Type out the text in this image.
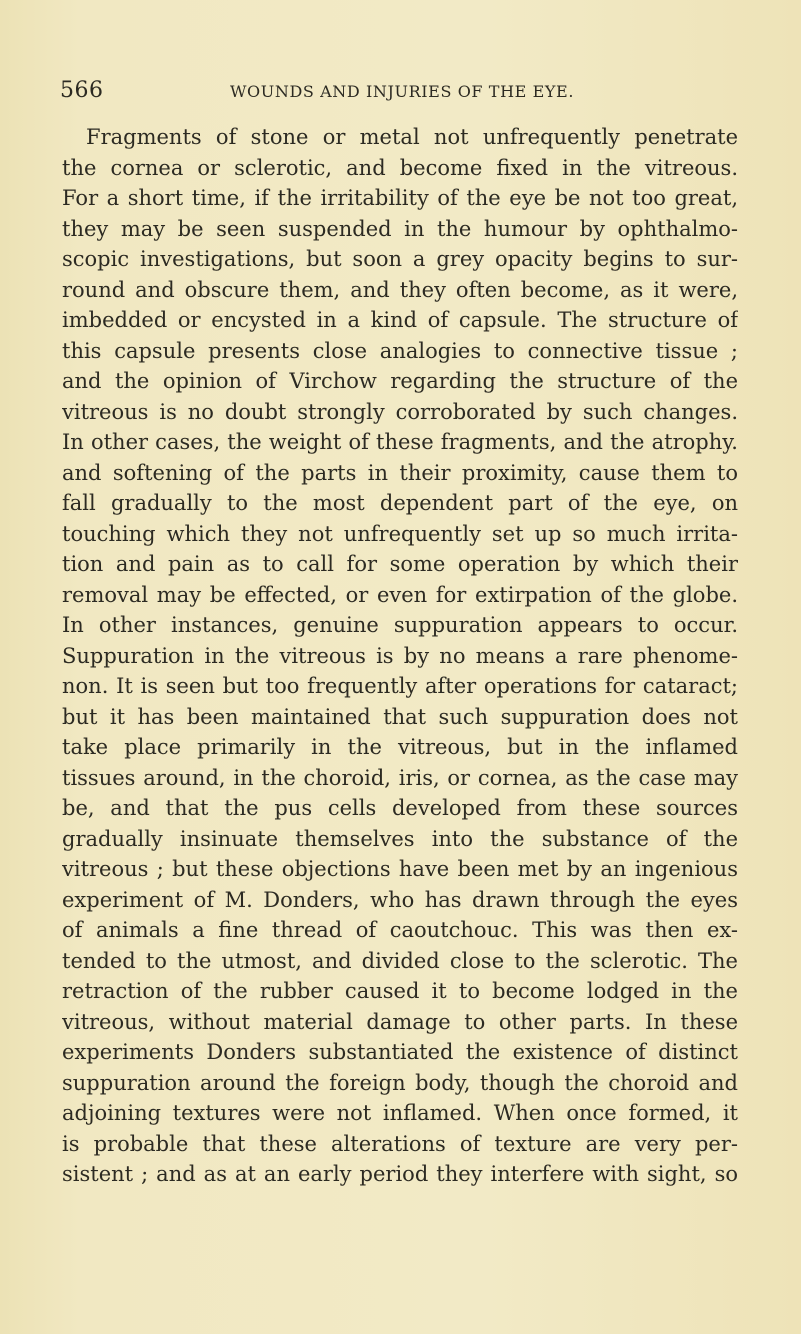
566	WOUNDS AND INJURIES OF THE EYE.
Fragments of stone or metal not unfrequently penetrate
the cornea or sclerotic, and become fixed in the vitreous.
For a short time, if the irritability of the eye be not too great,
they may be seen suspended in the humour by ophthalmo-
scopic investigations, but soon a grey opacity begins to sur-
round and obscure them, and they often become, as it were,
imbedded or encysted in a kind of capsule. The structure of
this capsule presents close analogies to connective tissue ;
and the opinion of Virchow regarding the structure of the
vitreous is no doubt strongly corroborated by such changes.
In other cases, the weight of these fragments, and the atrophy.
and softening of the parts in their proximity, cause them to
fall gradually to the most dependent part of the eye, on
touching which they not unfrequently set up so much irrita-
tion and pain as to call for some operation by which their
removal may be effected, or even for extirpation of the globe.
In other instances, genuine suppuration appears to occur.
Suppuration in the vitreous is by no means a rare phenome-
non. It is seen but too frequently after operations for cataract;
but it has been maintained that such suppuration does not
take place primarily in the vitreous, but in the inflamed
tissues around, in the choroid, iris, or cornea, as the case may
be, and that the pus cells developed from these sources
gradually insinuate themselves into the substance of the
vitreous ; but these objections have been met by an ingenious
experiment of M. Donders, who has drawn through the eyes
of animals a fine thread of caoutchouc. This was then ex-
tended to the utmost, and divided close to the sclerotic. The
retraction of the rubber caused it to become lodged in the
vitreous, without material damage to other parts. In these
experiments Donders substantiated the existence of distinct
suppuration around the foreign body, though the choroid and
adjoining textures were not inflamed. When once formed, it
is probable that these alterations of texture are very per-
sistent ; and as at an early period they interfere with sight, so
